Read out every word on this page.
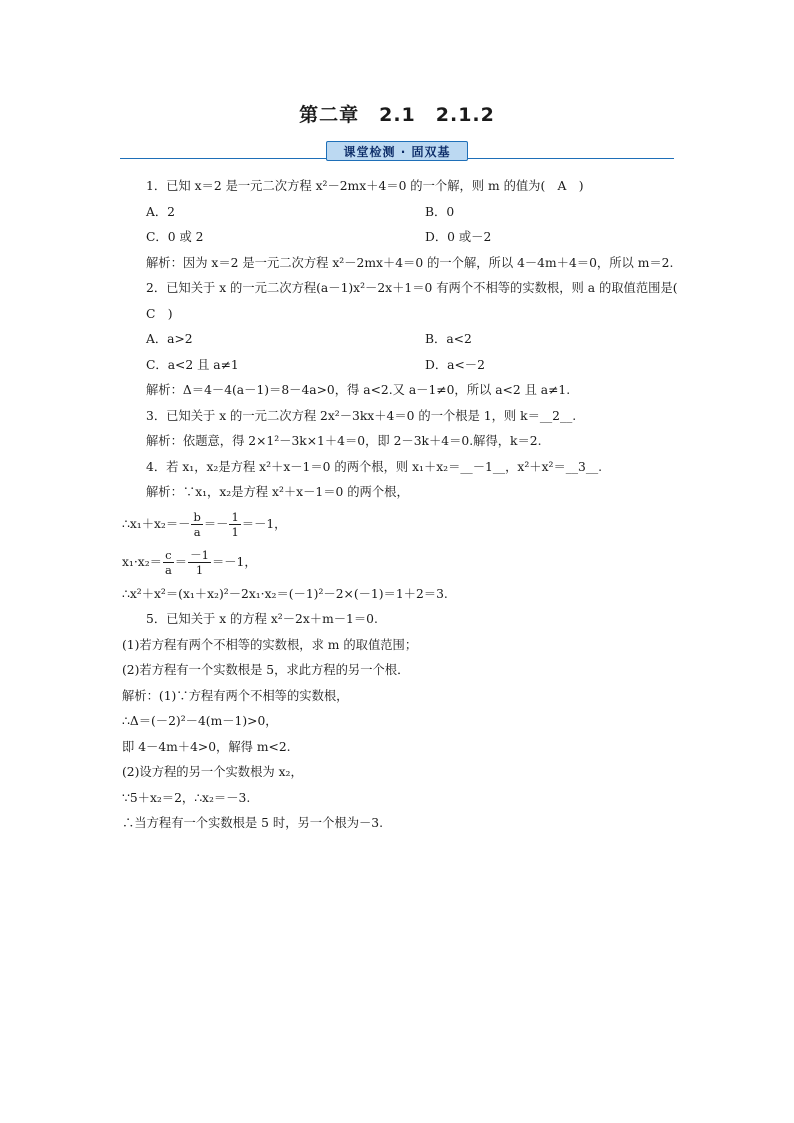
第二章　2.1　2.1.2
课堂检测 · 固双基
1．已知 x＝2 是一元二次方程 x²－2mx＋4＝0 的一个解，则 m 的值为(　A　)
A．2	B．0
C．0 或 2	D．0 或－2
解析：因为 x＝2 是一元二次方程 x²－2mx＋4＝0 的一个解，所以 4－4m＋4＝0，所以 m＝2.
2．已知关于 x 的一元二次方程(a－1)x²－2x＋1＝0 有两个不相等的实数根，则 a 的取值范围是(　C　)
A．a>2	B．a<2
C．a<2 且 a≠1	D．a<－2
解析：Δ＝4－4(a－1)＝8－4a>0，得 a<2.又 a－1≠0，所以 a<2 且 a≠1.
3．已知关于 x 的一元二次方程 2x²－3kx＋4＝0 的一个根是 1，则 k＝__2__.
解析：依题意，得 2×1²－3k×1＋4＝0，即 2－3k＋4＝0.解得，k＝2.
4．若 x₁，x₂是方程 x²＋x－1＝0 的两个根，则 x₁＋x₂＝__－1__，x²＋x²＝__3__.
解析：∵x₁，x₂是方程 x²＋x－1＝0 的两个根，
∴x₁＋x₂＝－ $\frac{b}{a} =- \frac{1}{1} =-1$，
$x_1\cdot x_2= \frac{c}{a} = \frac{-1}{1} =-1$，
∴x²＋x²＝(x₁＋x₂)²－2x₁·x₂＝(－1)²－2×(－1)＝1＋2＝3.
5．已知关于 x 的方程 x²－2x＋m－1＝0.
(1)若方程有两个不相等的实数根，求 m 的取值范围；
(2)若方程有一个实数根是 5，求此方程的另一个根．
解析：(1)∵方程有两个不相等的实数根，
∴Δ＝(－2)²－4(m－1)>0，
即 4－4m＋4>0，解得 m<2.
(2)设方程的另一个实数根为 x₂，
∵5＋x₂＝2，∴x₂＝－3.
∴当方程有一个实数根是 5 时，另一个根为－3.
